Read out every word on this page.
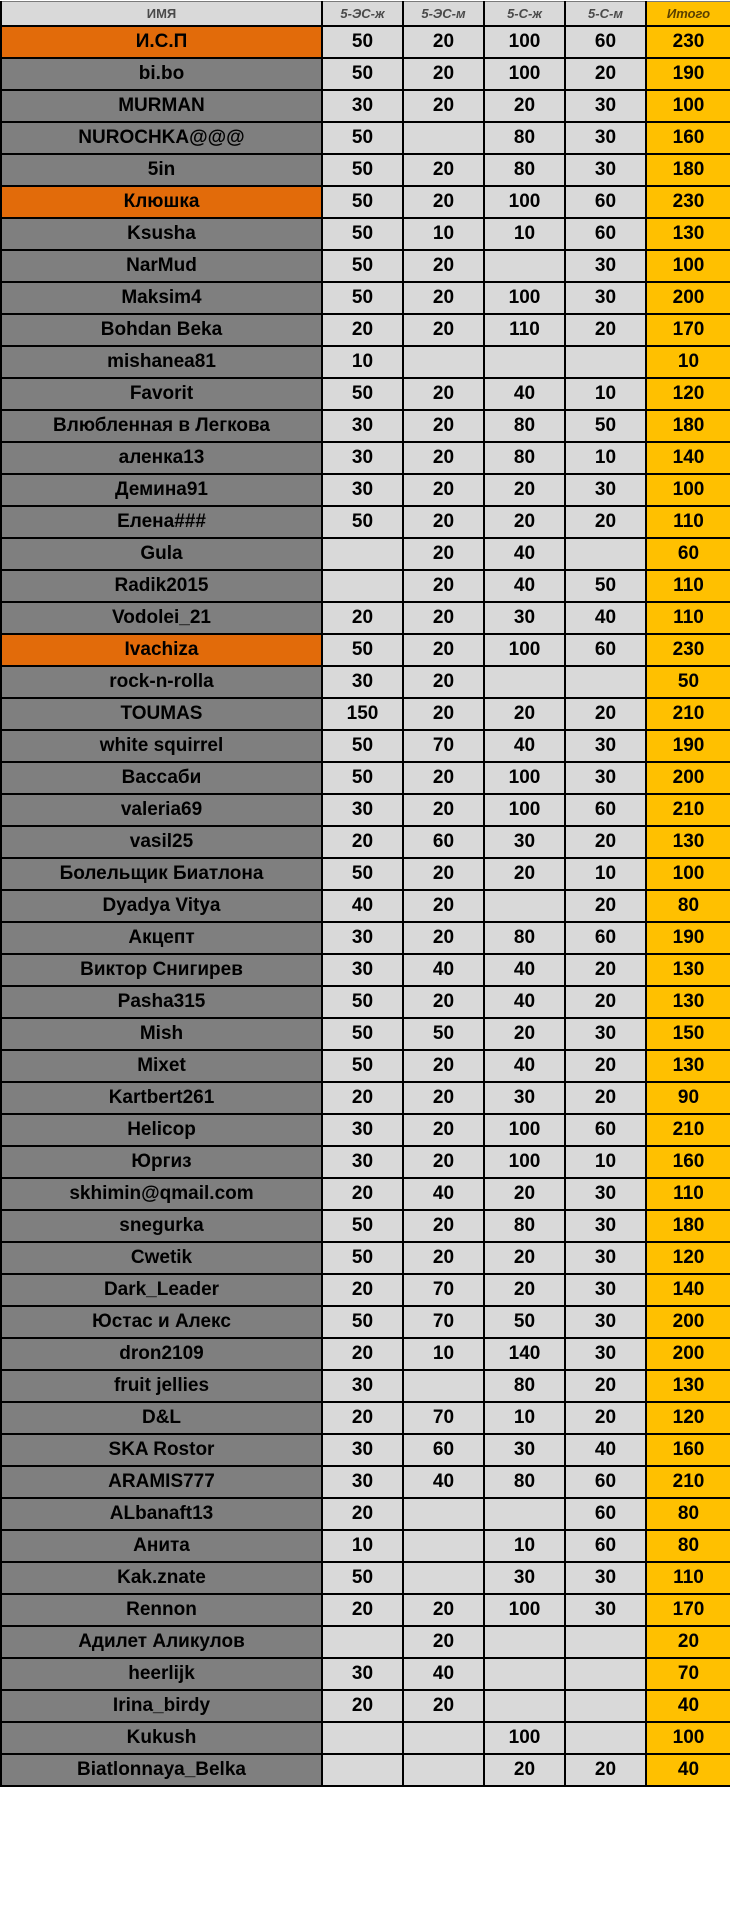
ИМЯ	5-ЭС-ж	5-ЭС-м	5-С-ж	5-С-м	Итого
И.С.П	50	20	100	60	230
bi.bo	50	20	100	20	190
MURMAN	30	20	20	30	100
NUROCHKA@@@	50		80	30	160
5in	50	20	80	30	180
Клюшка	50	20	100	60	230
Ksusha	50	10	10	60	130
NarMud	50	20		30	100
Maksim4	50	20	100	30	200
Bohdan Beka	20	20	110	20	170
mishanea81	10				10
Favorit	50	20	40	10	120
Влюбленная в Легкова	30	20	80	50	180
аленка13	30	20	80	10	140
Демина91	30	20	20	30	100
Елена###	50	20	20	20	110
Gula		20	40		60
Radik2015		20	40	50	110
Vodolei_21	20	20	30	40	110
Ivachiza	50	20	100	60	230
rock-n-rolla	30	20			50
TOUMAS	150	20	20	20	210
white squirrel	50	70	40	30	190
Вассаби	50	20	100	30	200
valeria69	30	20	100	60	210
vasil25	20	60	30	20	130
Болельщик Биатлона	50	20	20	10	100
Dyadya Vitya	40	20		20	80
Акцепт	30	20	80	60	190
Виктор Снигирев	30	40	40	20	130
Pasha315	50	20	40	20	130
Mish	50	50	20	30	150
Mixet	50	20	40	20	130
Kartbert261	20	20	30	20	90
Helicop	30	20	100	60	210
Юргиз	30	20	100	10	160
skhimin@qmail.com	20	40	20	30	110
snegurka	50	20	80	30	180
Cwetik	50	20	20	30	120
Dark_Leader	20	70	20	30	140
Юстас и Алекс	50	70	50	30	200
dron2109	20	10	140	30	200
fruit jellies	30		80	20	130
D&L	20	70	10	20	120
SKA Rostor	30	60	30	40	160
ARAMIS777	30	40	80	60	210
ALbanaft13	20			60	80
Анита	10		10	60	80
Kak.znate	50		30	30	110
Rennon	20	20	100	30	170
Адилет Аликулов		20			20
heerlijk	30	40			70
Irina_birdy	20	20			40
Kukush			100		100
Biatlonnaya_Belka			20	20	40
